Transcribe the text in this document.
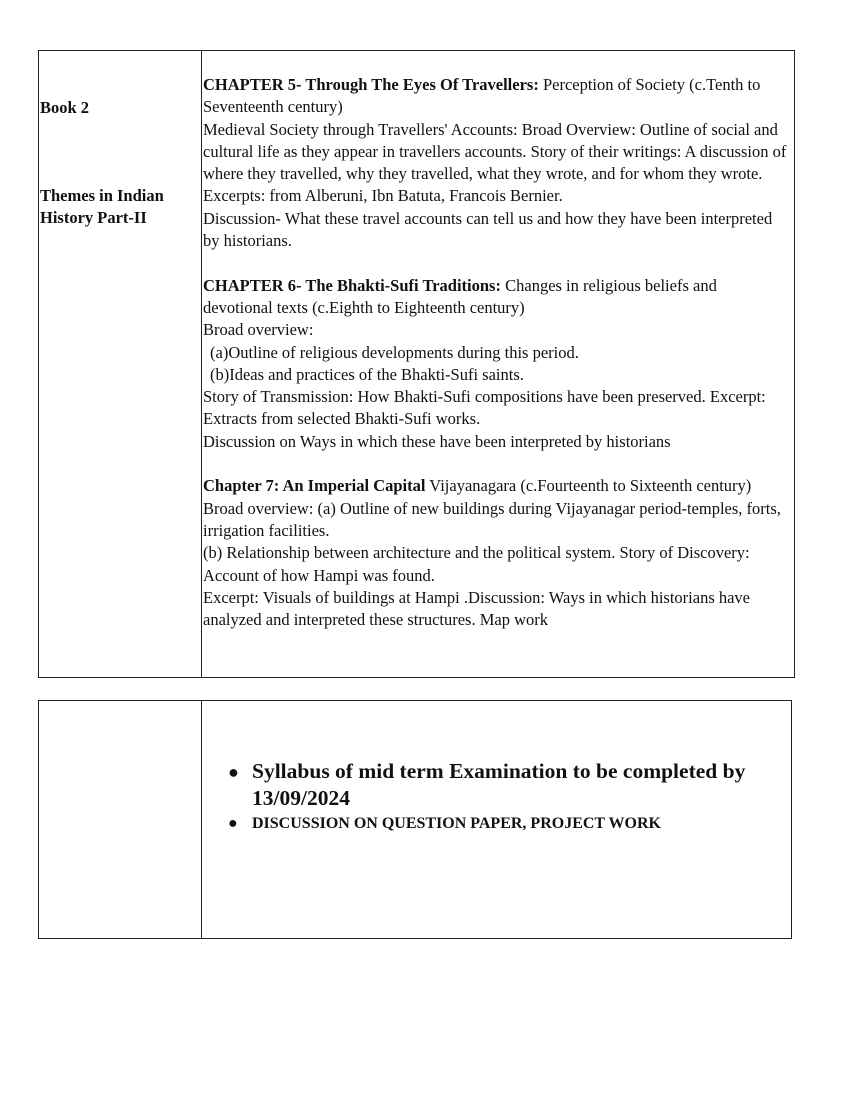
Book 2
Themes in Indian History Part-II

CHAPTER 5- Through The Eyes Of Travellers: Perception of Society (c.Tenth to Seventeenth century)

Medieval Society through Travellers' Accounts: Broad Overview: Outline of social and cultural life as they appear in travellers accounts. Story of their writings: A discussion of where they travelled, why they travelled, what they wrote, and for whom they wrote. Excerpts: from Alberuni, Ibn Batuta, Francois Bernier.

Discussion- What these travel accounts can tell us and how they have been interpreted by historians.

CHAPTER 6- The Bhakti-Sufi Traditions: Changes in religious beliefs and devotional texts (c.Eighth to Eighteenth century)

Broad overview:

(a)Outline of religious developments during this period.

(b)Ideas and practices of the Bhakti-Sufi saints.

Story of Transmission: How Bhakti-Sufi compositions have been preserved. Excerpt: Extracts from selected Bhakti-Sufi works.

Discussion on Ways in which these have been interpreted by historians

Chapter 7: An Imperial Capital Vijayanagara (c.Fourteenth to Sixteenth century)

Broad overview: (a) Outline of new buildings during Vijayanagar period-temples, forts, irrigation facilities.

(b) Relationship between architecture and the political system. Story of Discovery: Account of how Hampi was found.

Excerpt: Visuals of buildings at Hampi .Discussion: Ways in which historians have analyzed and interpreted these structures. Map work

● Syllabus of mid term Examination to be completed by 13/09/2024
● DISCUSSION ON QUESTION PAPER, PROJECT WORK
